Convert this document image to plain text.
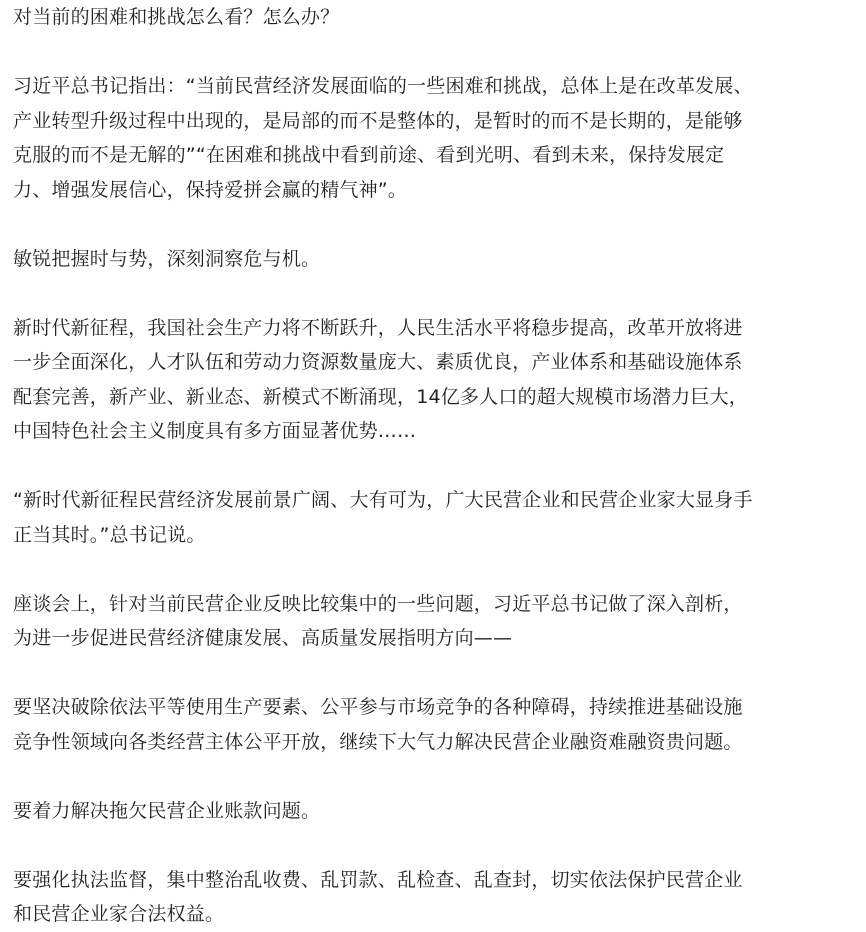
对当前的困难和挑战怎么看？怎么办？

习近平总书记指出：“当前民营经济发展面临的一些困难和挑战，总体上是在改革发展、
产业转型升级过程中出现的，是局部的而不是整体的，是暂时的而不是长期的，是能够
克服的而不是无解的”“在困难和挑战中看到前途、看到光明、看到未来，保持发展定
力、增强发展信心，保持爱拼会赢的精气神”。

敏锐把握时与势，深刻洞察危与机。

新时代新征程，我国社会生产力将不断跃升，人民生活水平将稳步提高，改革开放将进
一步全面深化，人才队伍和劳动力资源数量庞大、素质优良，产业体系和基础设施体系
配套完善，新产业、新业态、新模式不断涌现，14亿多人口的超大规模市场潜力巨大，
中国特色社会主义制度具有多方面显著优势……

“新时代新征程民营经济发展前景广阔、大有可为，广大民营企业和民营企业家大显身手
正当其时。”总书记说。

座谈会上，针对当前民营企业反映比较集中的一些问题，习近平总书记做了深入剖析，
为进一步促进民营经济健康发展、高质量发展指明方向——

要坚决破除依法平等使用生产要素、公平参与市场竞争的各种障碍，持续推进基础设施
竞争性领域向各类经营主体公平开放，继续下大气力解决民营企业融资难融资贵问题。

要着力解决拖欠民营企业账款问题。

要强化执法监督，集中整治乱收费、乱罚款、乱检查、乱查封，切实依法保护民营企业
和民营企业家合法权益。
